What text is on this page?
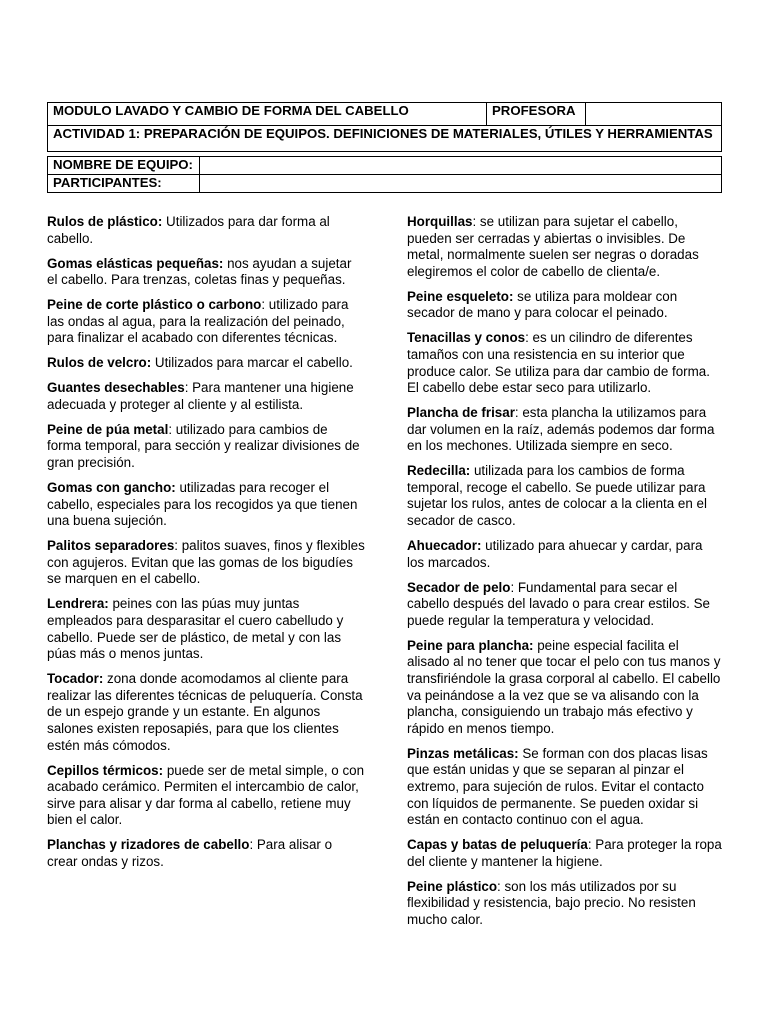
MODULO LAVADO Y CAMBIO DE FORMA DEL CABELLO		PROFESORA	
ACTIVIDAD 1: PREPARACIÓN DE EQUIPOS. DEFINICIONES DE MATERIALES, ÚTILES Y HERRAMIENTAS			

NOMBRE DE EQUIPO:			
PARTICIPANTES:			

Rulos de plástico: Utilizados para dar forma al cabello.

Gomas elásticas pequeñas: nos ayudan a sujetar el cabello. Para trenzas, coletas finas y pequeñas.

Peine de corte plástico o carbono: utilizado para las ondas al agua, para la realización del peinado, para finalizar el acabado con diferentes técnicas.

Rulos de velcro: Utilizados para marcar el cabello.

Guantes desechables: Para mantener una higiene adecuada y proteger al cliente y al estilista.

Peine de púa metal: utilizado para cambios de forma temporal, para sección y realizar divisiones de gran precisión.

Gomas con gancho: utilizadas para recoger el cabello, especiales para los recogidos ya que tienen una buena sujeción.

Palitos separadores: palitos suaves, finos y flexibles con agujeros. Evitan que las gomas de los bigudíes se marquen en el cabello.

Lendrera: peines con las púas muy juntas empleados para desparasitar el cuero cabelludo y cabello. Puede ser de plástico, de metal y con las púas más o menos juntas.

Tocador: zona donde acomodamos al cliente para realizar las diferentes técnicas de peluquería. Consta de un espejo grande y un estante. En algunos salones existen reposapiés, para que los clientes estén más cómodos.

Cepillos térmicos: puede ser de metal simple, o con acabado cerámico. Permiten el intercambio de calor, sirve para alisar y dar forma al cabello, retiene muy bien el calor.

Planchas y rizadores de cabello: Para alisar o crear ondas y rizos.

Horquillas: se utilizan para sujetar el cabello, pueden ser cerradas y abiertas o invisibles. De metal, normalmente suelen ser negras o doradas elegiremos el color de cabello de clienta/e.

Peine esqueleto: se utiliza para moldear con secador de mano y para colocar el peinado.

Tenacillas y conos: es un cilindro de diferentes tamaños con una resistencia en su interior que produce calor. Se utiliza para dar cambio de forma. El cabello debe estar seco para utilizarlo.

Plancha de frisar: esta plancha la utilizamos para dar volumen en la raíz, además podemos dar forma en los mechones. Utilizada siempre en seco.

Redecilla: utilizada para los cambios de forma temporal, recoge el cabello. Se puede utilizar para sujetar los rulos, antes de colocar a la clienta en el secador de casco.

Ahuecador: utilizado para ahuecar y cardar, para los marcados.

Secador de pelo: Fundamental para secar el cabello después del lavado o para crear estilos. Se puede regular la temperatura y velocidad.

Peine para plancha: peine especial facilita el alisado al no tener que tocar el pelo con tus manos y transfiriéndole la grasa corporal al cabello. El cabello va peinándose a la vez que se va alisando con la plancha, consiguiendo un trabajo más efectivo y rápido en menos tiempo.

Pinzas metálicas: Se forman con dos placas lisas que están unidas y que se separan al pinzar el extremo, para sujeción de rulos. Evitar el contacto con líquidos de permanente. Se pueden oxidar si están en contacto continuo con el agua.

Capas y batas de peluquería: Para proteger la ropa del cliente y mantener la higiene.

Peine plástico: son los más utilizados por su flexibilidad y resistencia, bajo precio. No resisten mucho calor.
